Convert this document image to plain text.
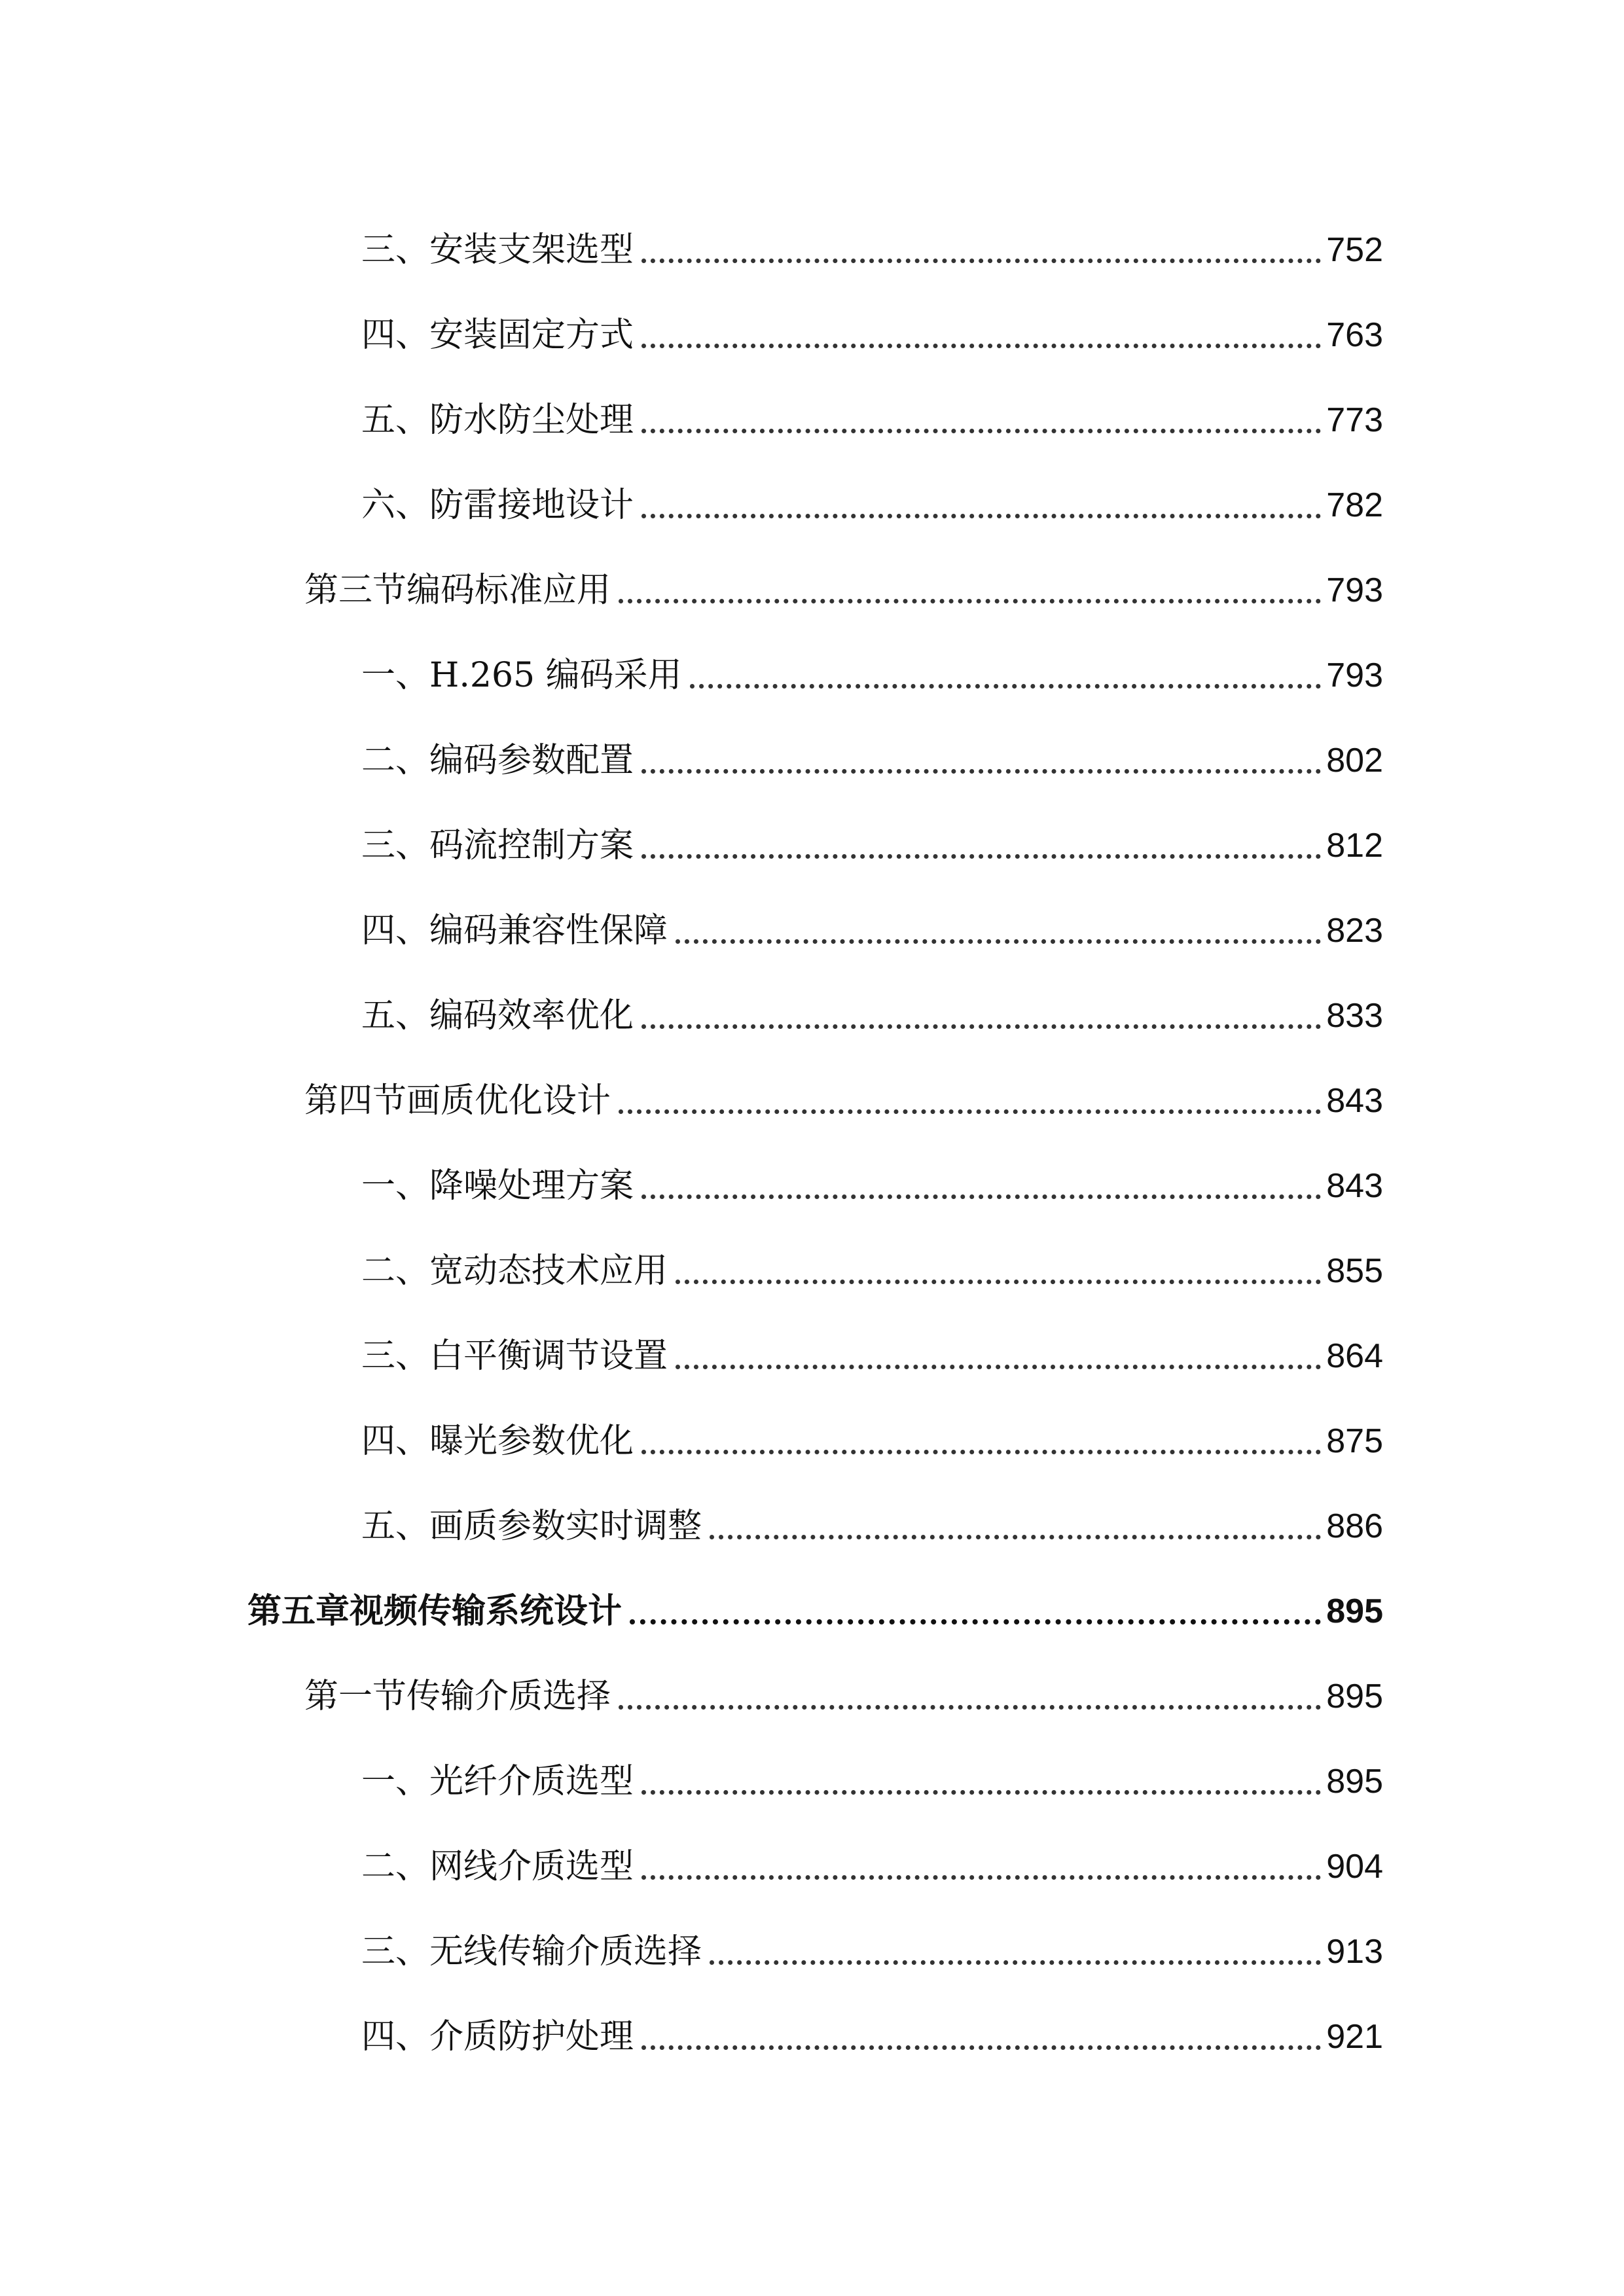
三、安装支架选型	752
四、安装固定方式	763
五、防水防尘处理	773
六、防雷接地设计	782
第三节编码标准应用	793
一、H.265 编码采用	793
二、编码参数配置	802
三、码流控制方案	812
四、编码兼容性保障	823
五、编码效率优化	833
第四节画质优化设计	843
一、降噪处理方案	843
二、宽动态技术应用	855
三、白平衡调节设置	864
四、曝光参数优化	875
五、画质参数实时调整	886
第五章视频传输系统设计	895
第一节传输介质选择	895
一、光纤介质选型	895
二、网线介质选型	904
三、无线传输介质选择	913
四、介质防护处理	921
